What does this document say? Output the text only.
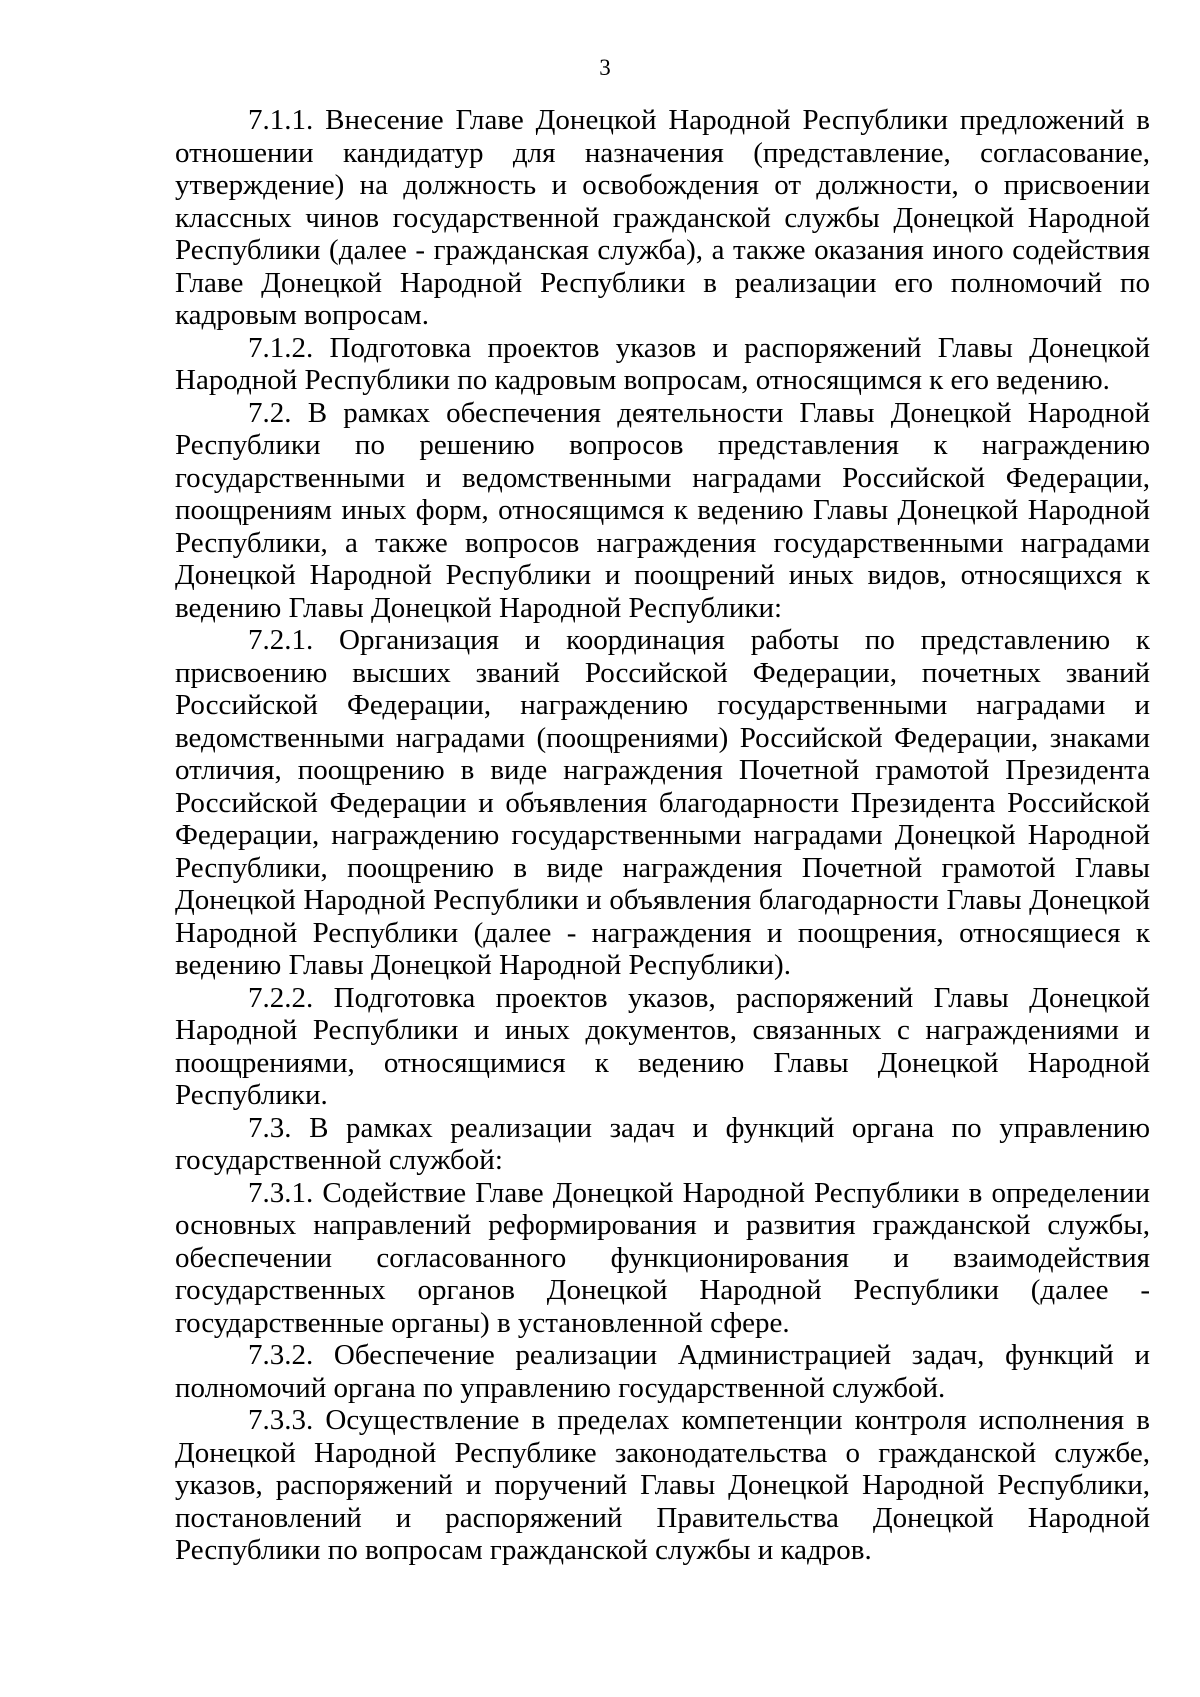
3

7.1.1. Внесение Главе Донецкой Народной Республики предложений в отношении кандидатур для назначения (представление, согласование, утверждение) на должность и освобождения от должности, о присвоении классных чинов государственной гражданской службы Донецкой Народной Республики (далее - гражданская служба), а также оказания иного содействия Главе Донецкой Народной Республики в реализации его полномочий по кадровым вопросам.

7.1.2. Подготовка проектов указов и распоряжений Главы Донецкой Народной Республики по кадровым вопросам, относящимся к его ведению.

7.2. В рамках обеспечения деятельности Главы Донецкой Народной Республики по решению вопросов представления к награждению государственными и ведомственными наградами Российской Федерации, поощрениям иных форм, относящимся к ведению Главы Донецкой Народной Республики, а также вопросов награждения государственными наградами Донецкой Народной Республики и поощрений иных видов, относящихся к ведению Главы Донецкой Народной Республики:

7.2.1. Организация и координация работы по представлению к присвоению высших званий Российской Федерации, почетных званий Российской Федерации, награждению государственными наградами и ведомственными наградами (поощрениями) Российской Федерации, знаками отличия, поощрению в виде награждения Почетной грамотой Президента Российской Федерации и объявления благодарности Президента Российской Федерации, награждению государственными наградами Донецкой Народной Республики, поощрению в виде награждения Почетной грамотой Главы Донецкой Народной Республики и объявления благодарности Главы Донецкой Народной Республики (далее - награждения и поощрения, относящиеся к ведению Главы Донецкой Народной Республики).

7.2.2. Подготовка проектов указов, распоряжений Главы Донецкой Народной Республики и иных документов, связанных с награждениями и поощрениями, относящимися к ведению Главы Донецкой Народной Республики.

7.3. В рамках реализации задач и функций органа по управлению государственной службой:

7.3.1. Содействие Главе Донецкой Народной Республики в определении основных направлений реформирования и развития гражданской службы, обеспечении согласованного функционирования и взаимодействия государственных органов Донецкой Народной Республики (далее - государственные органы) в установленной сфере.

7.3.2. Обеспечение реализации Администрацией задач, функций и полномочий органа по управлению государственной службой.

7.3.3. Осуществление в пределах компетенции контроля исполнения в Донецкой Народной Республике законодательства о гражданской службе, указов, распоряжений и поручений Главы Донецкой Народной Республики, постановлений и распоряжений Правительства Донецкой Народной Республики по вопросам гражданской службы и кадров.
